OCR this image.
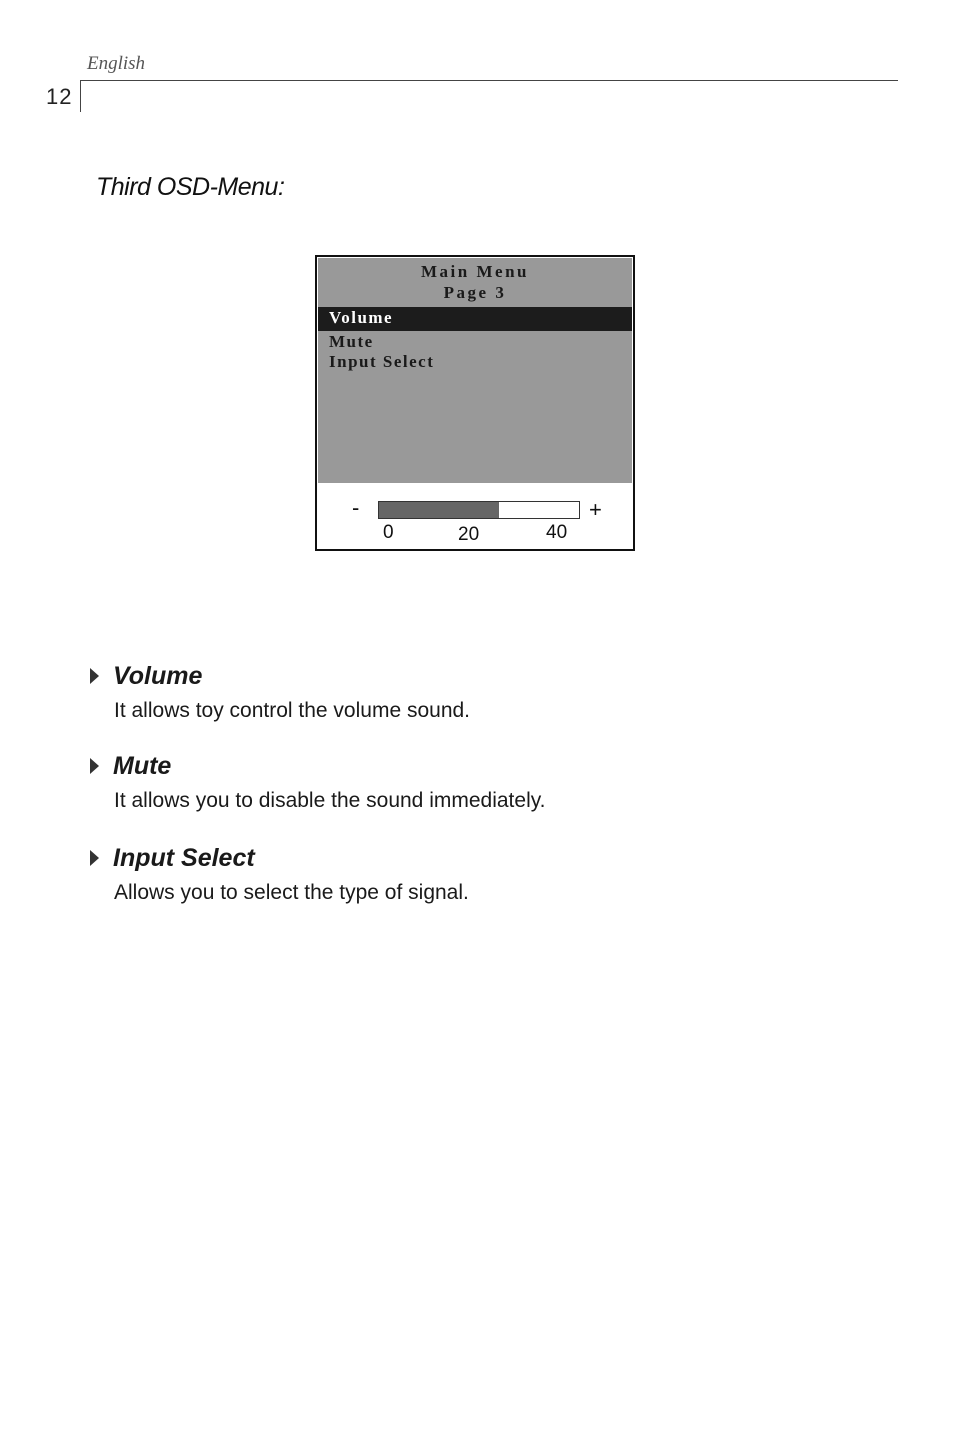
English
12
Third OSD-Menu:
Main Menu
Page 3
Volume
Mute
Input Select
-	+
0	20	40
Volume
It allows toy control the volume sound.
Mute
It allows you to disable the sound immediately.
Input Select
Allows you to select the type of signal.
